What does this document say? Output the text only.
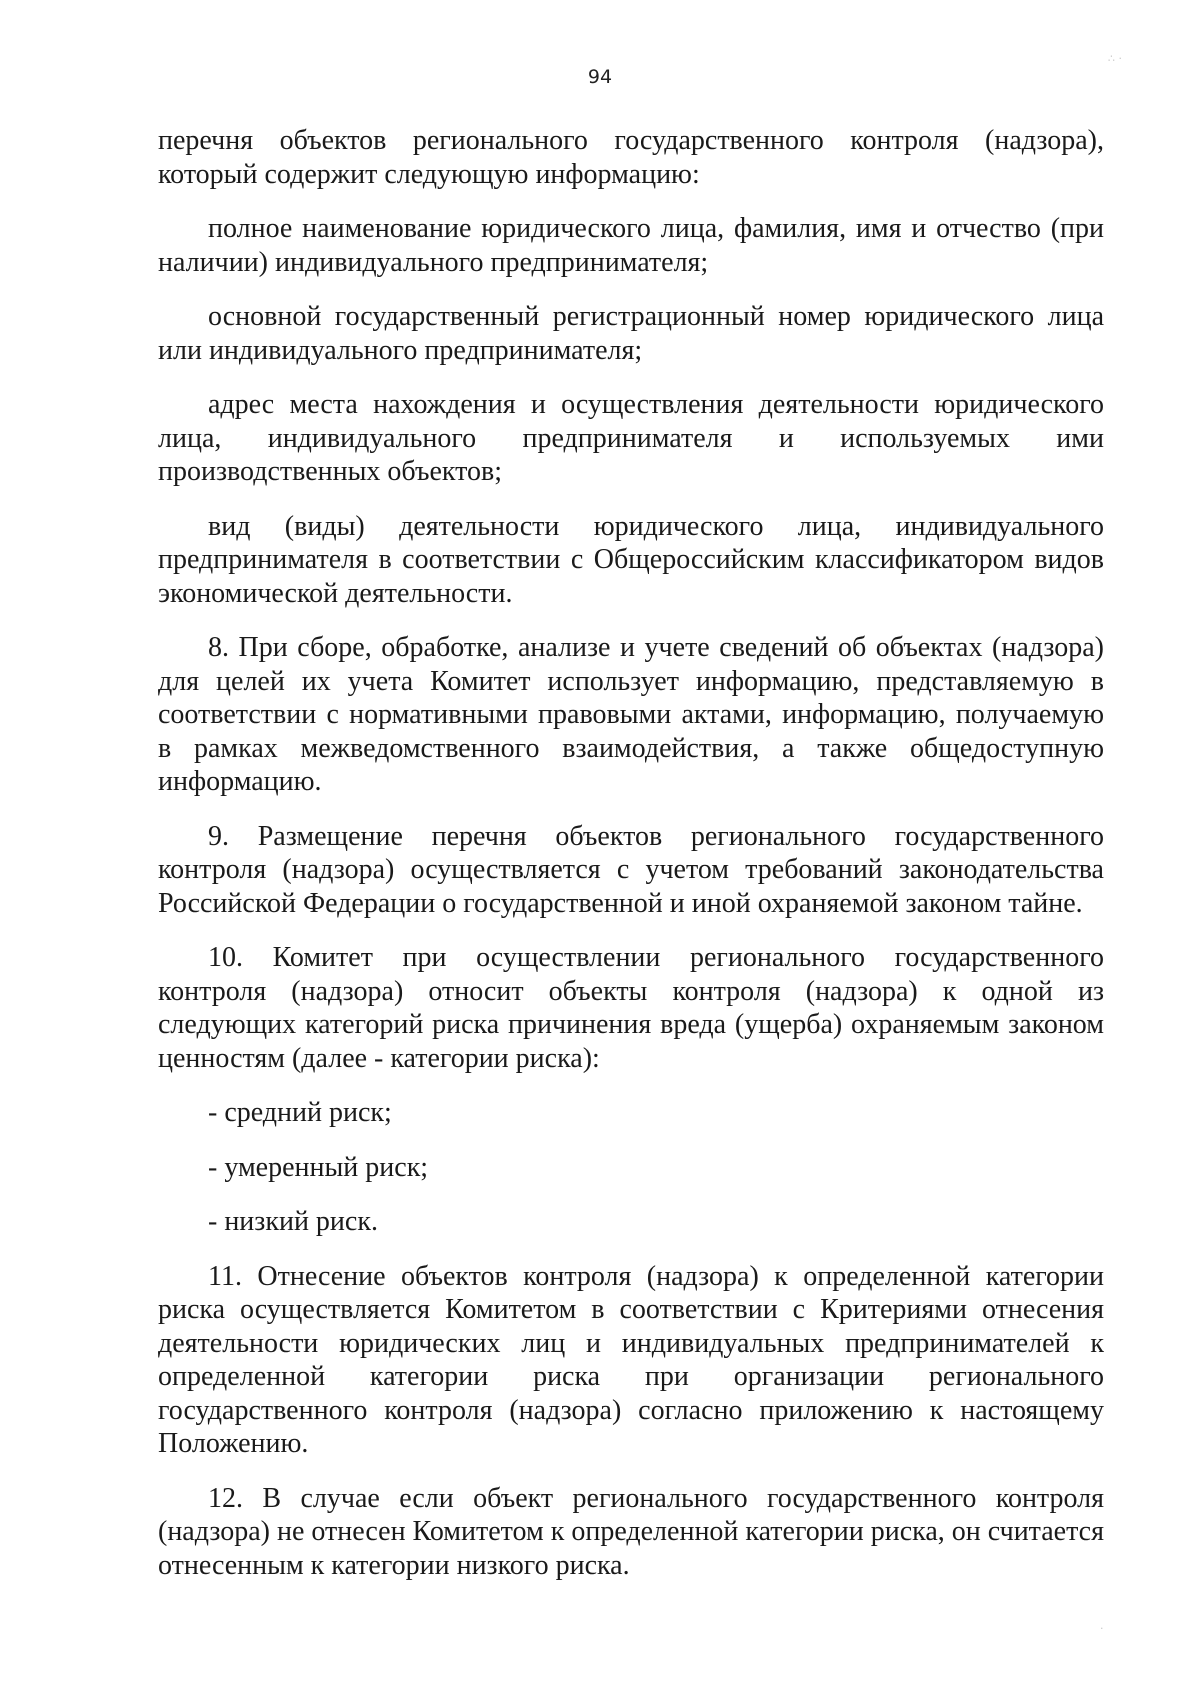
94

перечня объектов регионального государственного контроля (надзора), который содержит следующую информацию:

полное наименование юридического лица, фамилия, имя и отчество (при наличии) индивидуального предпринимателя;

основной государственный регистрационный номер юридического лица или индивидуального предпринимателя;

адрес места нахождения и осуществления деятельности юридического лица, индивидуального предпринимателя и используемых ими производственных объектов;

вид (виды) деятельности юридического лица, индивидуального предпринимателя в соответствии с Общероссийским классификатором видов экономической деятельности.

8. При сборе, обработке, анализе и учете сведений об объектах (надзора) для целей их учета Комитет использует информацию, представляемую в соответствии с нормативными правовыми актами, информацию, получаемую в рамках межведомственного взаимодействия, а также общедоступную информацию.

9. Размещение перечня объектов регионального государственного контроля (надзора) осуществляется с учетом требований законодательства Российской Федерации о государственной и иной охраняемой законом тайне.

10. Комитет при осуществлении регионального государственного контроля (надзора) относит объекты контроля (надзора) к одной из следующих категорий риска причинения вреда (ущерба) охраняемым законом ценностям (далее - категории риска):

- средний риск;

- умеренный риск;

- низкий риск.

11. Отнесение объектов контроля (надзора) к определенной категории риска осуществляется Комитетом в соответствии с Критериями отнесения деятельности юридических лиц и индивидуальных предпринимателей к определенной категории риска при организации регионального государственного контроля (надзора) согласно приложению к настоящему Положению.

12. В случае если объект регионального государственного контроля (надзора) не отнесен Комитетом к определенной категории риска, он считается отнесенным к категории низкого риска.

∴ ·
·
